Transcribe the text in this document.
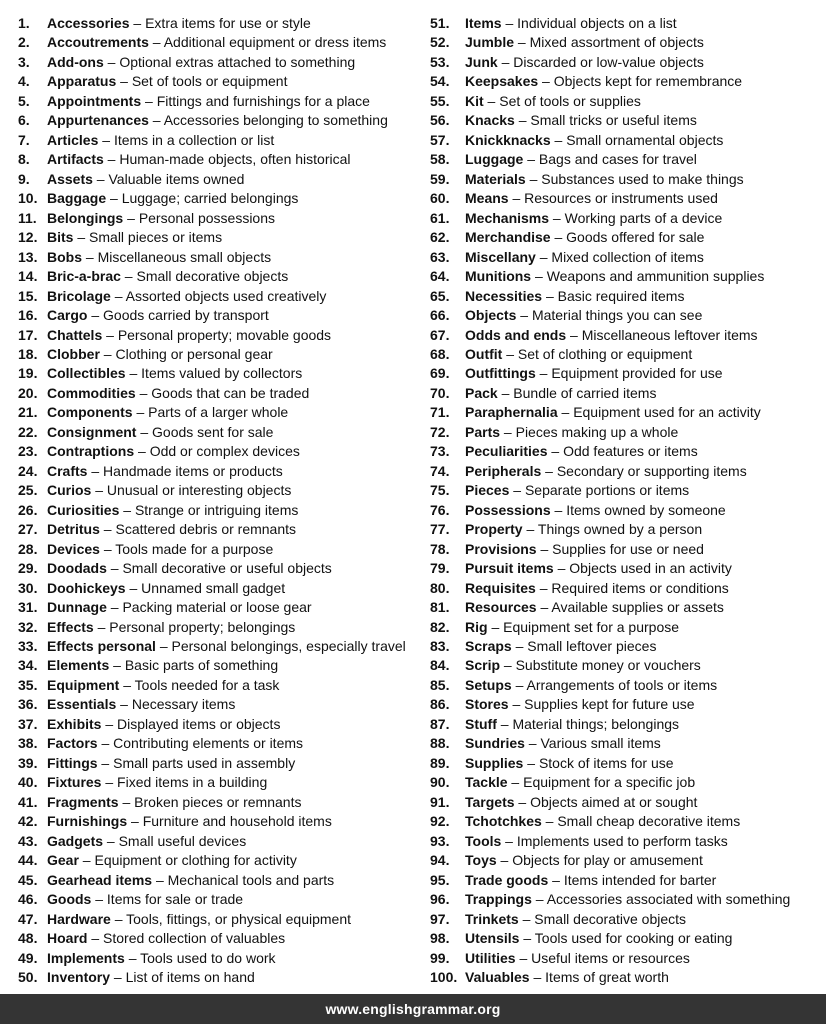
1.	Accessories – Extra items for use or style
2.	Accoutrements – Additional equipment or dress items
3.	Add-ons – Optional extras attached to something
4.	Apparatus – Set of tools or equipment
5.	Appointments – Fittings and furnishings for a place
6.	Appurtenances – Accessories belonging to something
7.	Articles – Items in a collection or list
8.	Artifacts – Human-made objects, often historical
9.	Assets – Valuable items owned
10. Baggage – Luggage; carried belongings
11. Belongings – Personal possessions
12. Bits – Small pieces or items
13. Bobs – Miscellaneous small objects
14. Bric-a-brac – Small decorative objects
15. Bricolage – Assorted objects used creatively
16. Cargo – Goods carried by transport
17. Chattels – Personal property; movable goods
18. Clobber – Clothing or personal gear
19. Collectibles – Items valued by collectors
20. Commodities – Goods that can be traded
21. Components – Parts of a larger whole
22. Consignment – Goods sent for sale
23. Contraptions – Odd or complex devices
24. Crafts – Handmade items or products
25. Curios – Unusual or interesting objects
26. Curiosities – Strange or intriguing items
27. Detritus – Scattered debris or remnants
28. Devices – Tools made for a purpose
29. Doodads – Small decorative or useful objects
30. Doohickeys – Unnamed small gadget
31. Dunnage – Packing material or loose gear
32. Effects – Personal property; belongings
33. Effects personal – Personal belongings, especially travel
34. Elements – Basic parts of something
35. Equipment – Tools needed for a task
36. Essentials – Necessary items
37. Exhibits – Displayed items or objects
38. Factors – Contributing elements or items
39. Fittings – Small parts used in assembly
40. Fixtures – Fixed items in a building
41. Fragments – Broken pieces or remnants
42. Furnishings – Furniture and household items
43. Gadgets – Small useful devices
44. Gear – Equipment or clothing for activity
45. Gearhead items – Mechanical tools and parts
46. Goods – Items for sale or trade
47. Hardware – Tools, fittings, or physical equipment
48. Hoard – Stored collection of valuables
49. Implements – Tools used to do work
50. Inventory – List of items on hand
51.	Items – Individual objects on a list
52.	Jumble – Mixed assortment of objects
53.	Junk – Discarded or low-value objects
54.	Keepsakes – Objects kept for remembrance
55.	Kit – Set of tools or supplies
56.	Knacks – Small tricks or useful items
57.	Knickknacks – Small ornamental objects
58.	Luggage – Bags and cases for travel
59.	Materials – Substances used to make things
60.	Means – Resources or instruments used
61.	Mechanisms – Working parts of a device
62.	Merchandise – Goods offered for sale
63.	Miscellany – Mixed collection of items
64.	Munitions – Weapons and ammunition supplies
65.	Necessities – Basic required items
66.	Objects – Material things you can see
67.	Odds and ends – Miscellaneous leftover items
68.	Outfit – Set of clothing or equipment
69.	Outfittings – Equipment provided for use
70.	Pack – Bundle of carried items
71.	Paraphernalia – Equipment used for an activity
72.	Parts – Pieces making up a whole
73.	Peculiarities – Odd features or items
74.	Peripherals – Secondary or supporting items
75.	Pieces – Separate portions or items
76.	Possessions – Items owned by someone
77.	Property – Things owned by a person
78.	Provisions – Supplies for use or need
79.	Pursuit items – Objects used in an activity
80.	Requisites – Required items or conditions
81.	Resources – Available supplies or assets
82.	Rig – Equipment set for a purpose
83.	Scraps – Small leftover pieces
84.	Scrip – Substitute money or vouchers
85.	Setups – Arrangements of tools or items
86.	Stores – Supplies kept for future use
87.	Stuff – Material things; belongings
88.	Sundries – Various small items
89.	Supplies – Stock of items for use
90.	Tackle – Equipment for a specific job
91.	Targets – Objects aimed at or sought
92.	Tchotchkes – Small cheap decorative items
93.	Tools – Implements used to perform tasks
94.	Toys – Objects for play or amusement
95.	Trade goods – Items intended for barter
96.	Trappings – Accessories associated with something
97.	Trinkets – Small decorative objects
98.	Utensils – Tools used for cooking or eating
99.	Utilities – Useful items or resources
100. Valuables – Items of great worth
www.englishgrammar.org
